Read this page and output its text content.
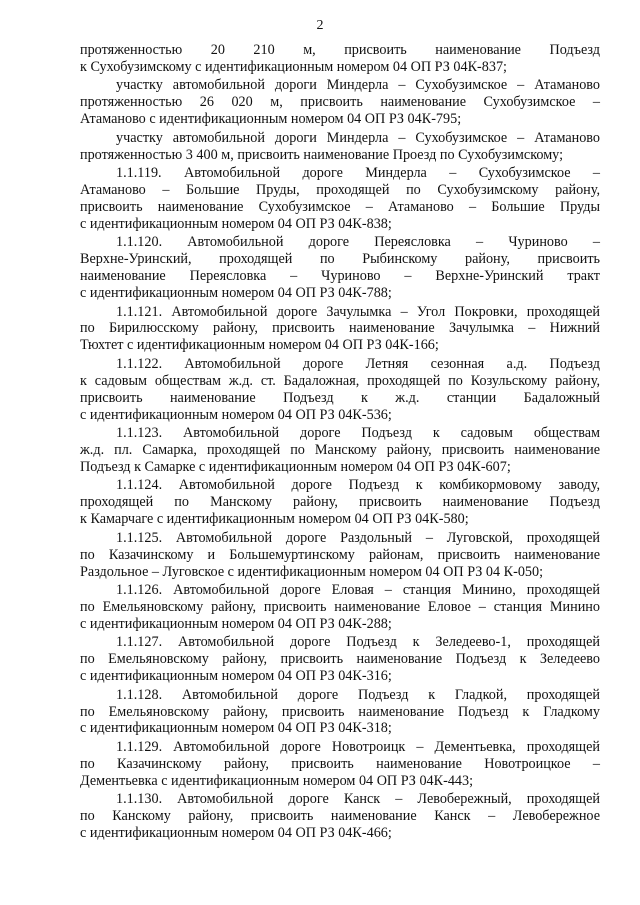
2
протяженностью 20 210 м, присвоить наименование Подъезд
к Сухобузимскому с идентификационным номером 04 ОП РЗ 04К-837;
участку автомобильной дороги Миндерла – Сухобузимское – Атаманово
протяженностью 26 020 м, присвоить наименование Сухобузимское –
Атаманово с идентификационным номером 04 ОП РЗ 04К-795;
участку автомобильной дороги Миндерла – Сухобузимское – Атаманово
протяженностью 3 400 м, присвоить наименование Проезд по Сухобузимскому;
1.1.119. Автомобильной дороге Миндерла – Сухобузимское –
Атаманово – Большие Пруды, проходящей по Сухобузимскому району,
присвоить наименование Сухобузимское – Атаманово – Большие Пруды
с идентификационным номером 04 ОП РЗ 04К-838;
1.1.120. Автомобильной дороге Переясловка – Чуриново –
Верхне-Уринский, проходящей по Рыбинскому району, присвоить
наименование Переясловка – Чуриново – Верхне-Уринский тракт
с идентификационным номером 04 ОП РЗ 04К-788;
1.1.121. Автомобильной дороге Зачулымка – Угол Покровки, проходящей
по Бирилюсскому району, присвоить наименование Зачулымка – Нижний
Тюхтет с идентификационным номером 04 ОП РЗ 04К-166;
1.1.122. Автомобильной дороге Летняя сезонная а.д. Подъезд
к садовым обществам ж.д. ст. Бадаложная, проходящей по Козульскому району,
присвоить наименование Подъезд к ж.д. станции Бадаложный
с идентификационным номером 04 ОП РЗ 04К-536;
1.1.123. Автомобильной дороге Подъезд к садовым обществам
ж.д. пл. Самарка, проходящей по Манскому району, присвоить наименование
Подъезд к Самарке с идентификационным номером 04 ОП РЗ 04К-607;
1.1.124. Автомобильной дороге Подъезд к комбикормовому заводу,
проходящей по Манскому району, присвоить наименование Подъезд
к Камарчаге с идентификационным номером 04 ОП РЗ 04К-580;
1.1.125. Автомобильной дороге Раздольный – Луговской, проходящей
по Казачинскому и Большемуртинскому районам, присвоить наименование
Раздольное – Луговское с идентификационным номером 04 ОП РЗ 04 К-050;
1.1.126. Автомобильной дороге Еловая – станция Минино, проходящей
по Емельяновскому району, присвоить наименование Еловое – станция Минино
с идентификационным номером 04 ОП РЗ 04К-288;
1.1.127. Автомобильной дороге Подъезд к Зеледеево-1, проходящей
по Емельяновскому району, присвоить наименование Подъезд к Зеледеево
с идентификационным номером 04 ОП РЗ 04К-316;
1.1.128. Автомобильной дороге Подъезд к Гладкой, проходящей
по Емельяновскому району, присвоить наименование Подъезд к Гладкому
с идентификационным номером 04 ОП РЗ 04К-318;
1.1.129. Автомобильной дороге Новотроицк – Дементьевка, проходящей
по Казачинскому району, присвоить наименование Новотроицкое –
Дементьевка с идентификационным номером 04 ОП РЗ 04К-443;
1.1.130. Автомобильной дороге Канск – Левобережный, проходящей
по Канскому району, присвоить наименование Канск – Левобережное
с идентификационным номером 04 ОП РЗ 04К-466;
